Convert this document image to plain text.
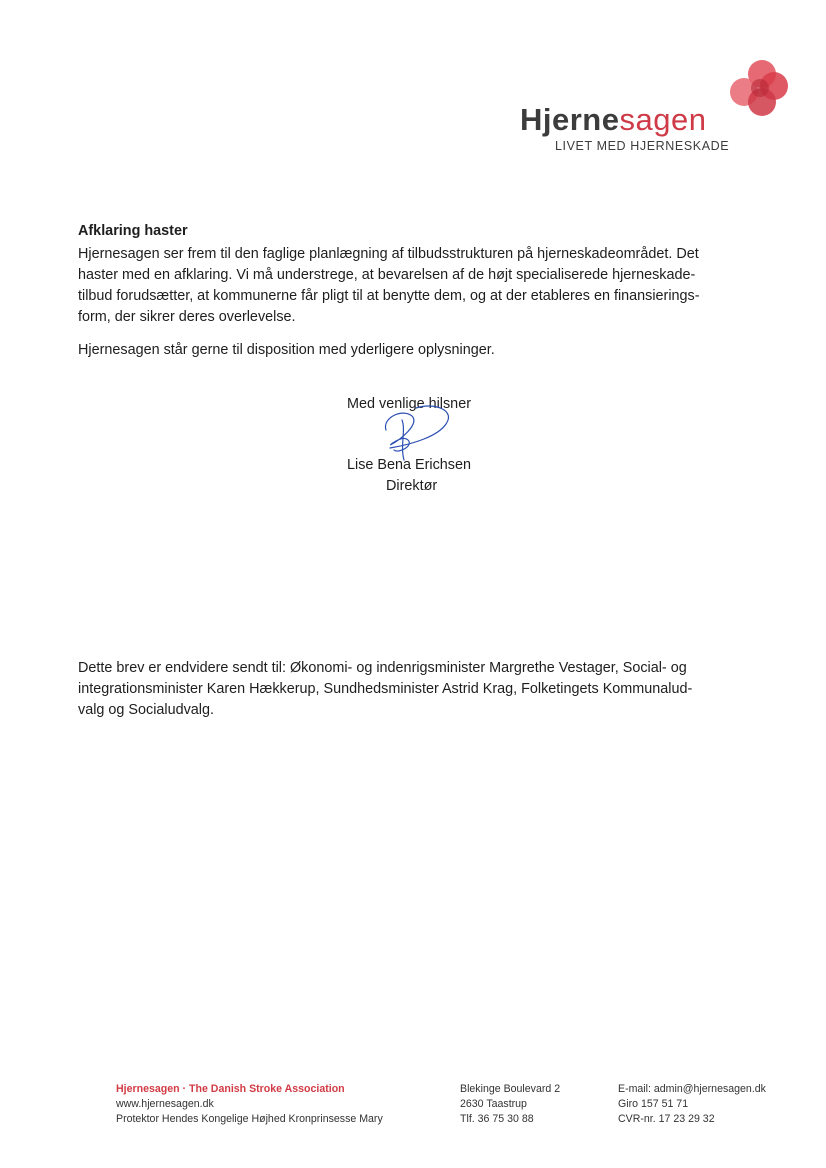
Hjernesagen
LIVET MED HJERNESKADE
Afklaring haster
Hjernesagen ser frem til den faglige planlægning af tilbudsstrukturen på hjerneskadeområdet. Det
haster med en afklaring. Vi må understrege, at bevarelsen af de højt specialiserede hjerneskade-
tilbud forudsætter, at kommunerne får pligt til at benytte dem, og at der etableres en finansierings-
form, der sikrer deres overlevelse.
Hjernesagen står gerne til disposition med yderligere oplysninger.
Med venlige hilsner
Lise Bena Erichsen
Direktør
Dette brev er endvidere sendt til: Økonomi- og indenrigsminister Margrethe Vestager, Social- og
integrationsminister Karen Hækkerup, Sundhedsminister Astrid Krag, Folketingets Kommunalud-
valg og Socialudvalg.
Hjernesagen · The Danish Stroke Association
www.hjernesagen.dk
Protektor Hendes Kongelige Højhed Kronprinsesse Mary
Blekinge Boulevard 2
2630 Taastrup
Tlf. 36 75 30 88
E-mail: admin@hjernesagen.dk
Giro 157 51 71
CVR-nr. 17 23 29 32
